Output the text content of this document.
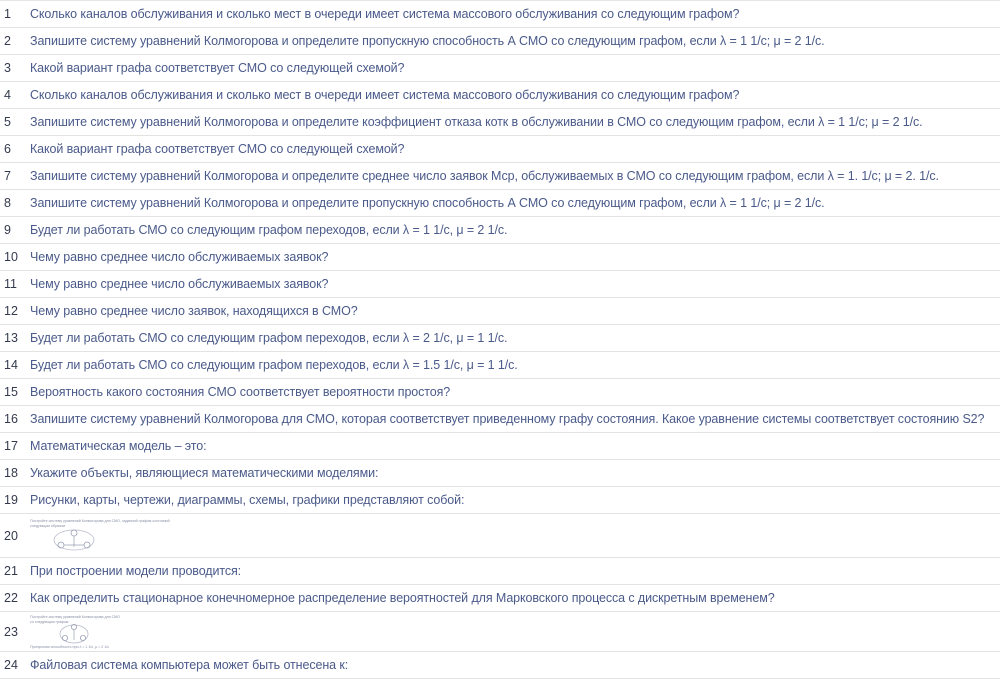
1	Сколько каналов обслуживания и сколько мест в очереди имеет система массового обслуживания со следующим графом?
2	Запишите систему уравнений Колмогорова и определите пропускную способность А СМО со следующим графом, если λ = 1 1/с; μ = 2 1/с.
3	Какой вариант графа соответствует СМО со следующей схемой?
4	Сколько каналов обслуживания и сколько мест в очереди имеет система массового обслуживания со следующим графом?
5	Запишите систему уравнений Колмогорова и определите коэффициент отказа котк в обслуживании в СМО со следующим графом, если λ = 1 1/с; μ = 2 1/с.
6	Какой вариант графа соответствует СМО со следующей схемой?
7	Запишите систему уравнений Колмогорова и определите среднее число заявок Мср, обслуживаемых в СМО со следующим графом, если λ = 1. 1/с; μ = 2. 1/с.
8	Запишите систему уравнений Колмогорова и определите пропускную способность А СМО со следующим графом, если λ = 1 1/с; μ = 2 1/с.
9	Будет ли работать СМО со следующим графом переходов, если λ = 1 1/с, μ = 2 1/с.
10 Чему равно среднее число обслуживаемых заявок?
11	Чему равно среднее число обслуживаемых заявок?
12 Чему равно среднее число заявок, находящихся в СМО?
13 Будет ли работать СМО со следующим графом переходов, если λ = 2 1/с, μ = 1 1/с.
14 Будет ли работать СМО со следующим графом переходов, если λ = 1.5 1/с, μ = 1 1/с.
15 Вероятность какого состояния СМО соответствует вероятности простоя?
16 Запишите систему уравнений Колмогорова для СМО, которая соответствует приведенному графу состояния. Какое уравнение системы соответствует состоянию S2?
17 Математическая модель – это:
18 Укажите объекты, являющиеся математическими моделями:
19 Рисунки, карты, чертежи, диаграммы, схемы, графики представляют собой:
20
Постройте систему уравнений Колмогорова для СМО, заданной графом состояний
следующим образом
21 При построении модели проводится:
22 Как определить стационарное конечномерное распределение вероятностей для Марковского процесса с дискретным временем?
23
Постройте систему уравнений Колмогорова для СМО
со следующим графом
Пропускная способность при λ = 1 1/с, μ = 2 1/с
24 Файловая система компьютера может быть отнесена к:
